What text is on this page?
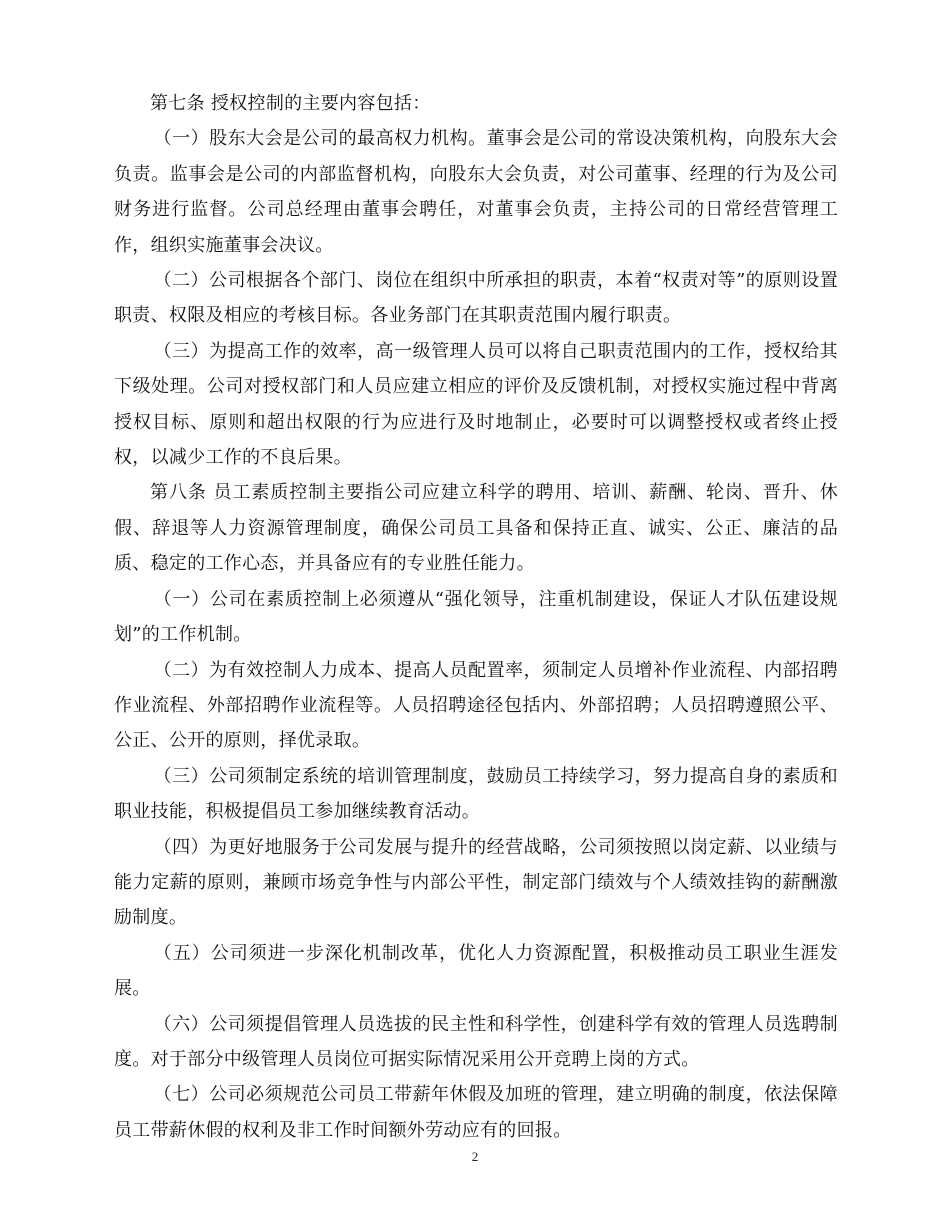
第七条 授权控制的主要内容包括：

（一）股东大会是公司的最高权力机构。董事会是公司的常设决策机构，向股东大会负责。监事会是公司的内部监督机构，向股东大会负责，对公司董事、经理的行为及公司财务进行监督。公司总经理由董事会聘任，对董事会负责，主持公司的日常经营管理工作，组织实施董事会决议。

（二）公司根据各个部门、岗位在组织中所承担的职责，本着“权责对等”的原则设置职责、权限及相应的考核目标。各业务部门在其职责范围内履行职责。

（三）为提高工作的效率，高一级管理人员可以将自己职责范围内的工作，授权给其下级处理。公司对授权部门和人员应建立相应的评价及反馈机制，对授权实施过程中背离授权目标、原则和超出权限的行为应进行及时地制止，必要时可以调整授权或者终止授权，以减少工作的不良后果。

第八条 员工素质控制主要指公司应建立科学的聘用、培训、薪酬、轮岗、晋升、休假、辞退等人力资源管理制度，确保公司员工具备和保持正直、诚实、公正、廉洁的品质、稳定的工作心态，并具备应有的专业胜任能力。

（一）公司在素质控制上必须遵从“强化领导，注重机制建设，保证人才队伍建设规划”的工作机制。

（二）为有效控制人力成本、提高人员配置率，须制定人员增补作业流程、内部招聘作业流程、外部招聘作业流程等。人员招聘途径包括内、外部招聘；人员招聘遵照公平、公正、公开的原则，择优录取。

（三）公司须制定系统的培训管理制度，鼓励员工持续学习，努力提高自身的素质和职业技能，积极提倡员工参加继续教育活动。

（四）为更好地服务于公司发展与提升的经营战略，公司须按照以岗定薪、以业绩与能力定薪的原则，兼顾市场竞争性与内部公平性，制定部门绩效与个人绩效挂钩的薪酬激励制度。

（五）公司须进一步深化机制改革，优化人力资源配置，积极推动员工职业生涯发展。

（六）公司须提倡管理人员选拔的民主性和科学性，创建科学有效的管理人员选聘制度。对于部分中级管理人员岗位可据实际情况采用公开竞聘上岗的方式。

（七）公司必须规范公司员工带薪年休假及加班的管理，建立明确的制度，依法保障员工带薪休假的权利及非工作时间额外劳动应有的回报。

2
